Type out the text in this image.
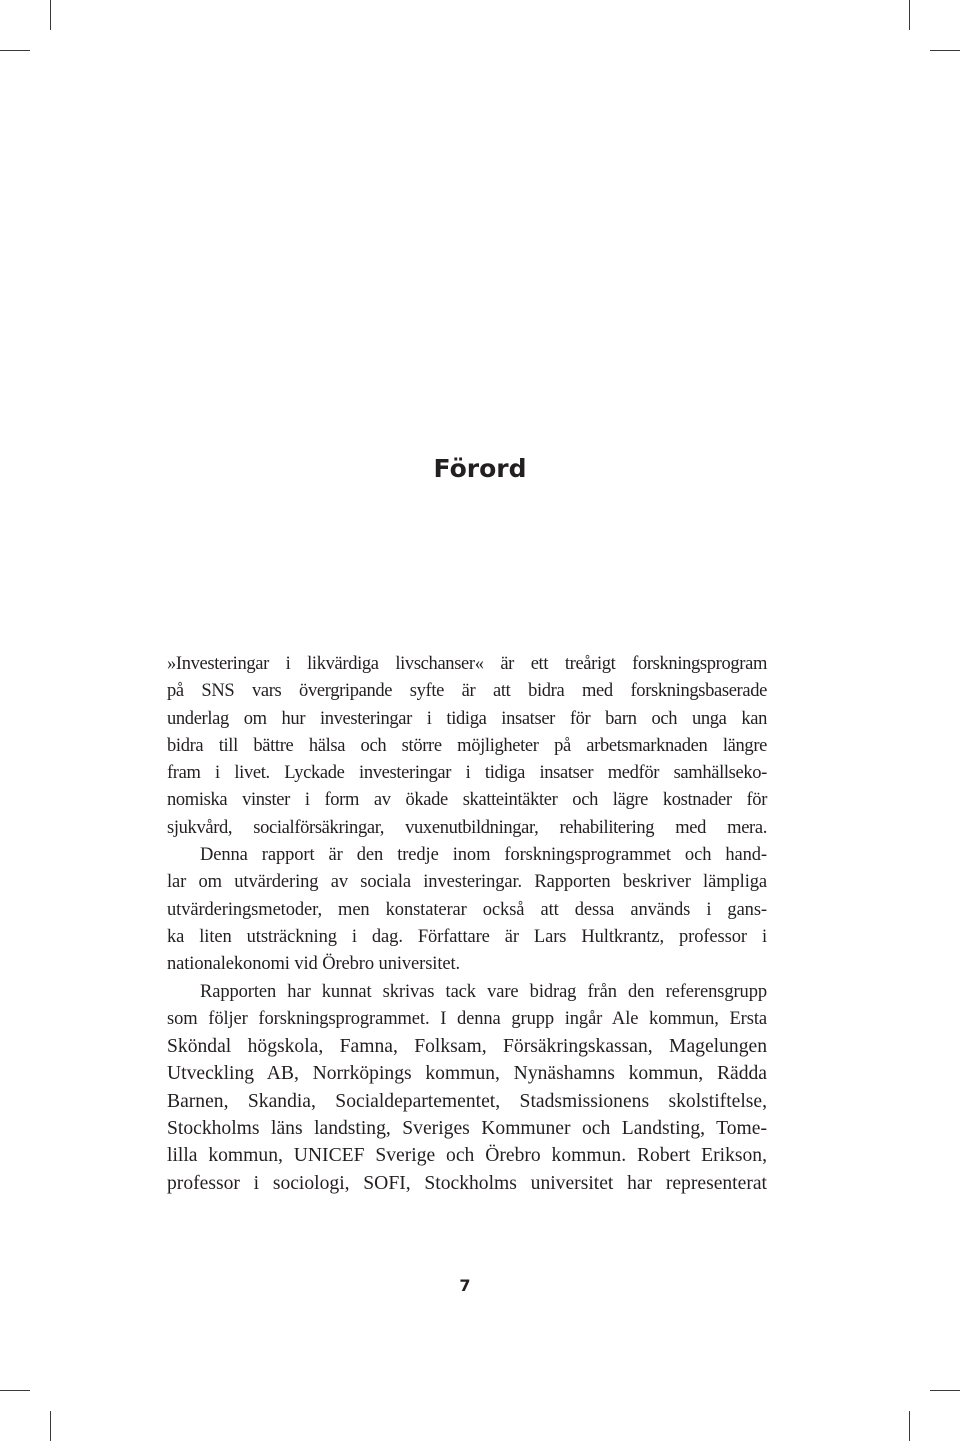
Förord
»Investeringar i likvärdiga livschanser« är ett treårigt forskningsprogram
på SNS vars övergripande syfte är att bidra med forskningsbaserade
underlag om hur investeringar i tidiga insatser för barn och unga kan
bidra till bättre hälsa och större möjligheter på arbetsmarknaden längre
fram i livet. Lyckade investeringar i tidiga insatser medför samhällseko-
nomiska vinster i form av ökade skatteintäkter och lägre kostnader för
sjukvård, socialförsäkringar, vuxenutbildningar, rehabilitering med mera.
Denna rapport är den tredje inom forskningsprogrammet och hand-
lar om utvärdering av sociala investeringar. Rapporten beskriver lämpliga
utvärderingsmetoder, men konstaterar också att dessa används i gans-
ka liten utsträckning i dag. Författare är Lars Hultkrantz, professor i
nationalekonomi vid Örebro universitet.
Rapporten har kunnat skrivas tack vare bidrag från den referensgrupp
som följer forskningsprogrammet. I denna grupp ingår Ale kommun, Ersta
Sköndal högskola, Famna, Folksam, Försäkringskassan, Magelungen
Utveckling AB, Norrköpings kommun, Nynäshamns kommun, Rädda
Barnen, Skandia, Socialdepartementet, Stadsmissionens skolstiftelse,
Stockholms läns landsting, Sveriges Kommuner och Landsting, Tome-
lilla kommun, UNICEF Sverige och Örebro kommun. Robert Erikson,
professor i sociologi, SOFI, Stockholms universitet har representerat
7
